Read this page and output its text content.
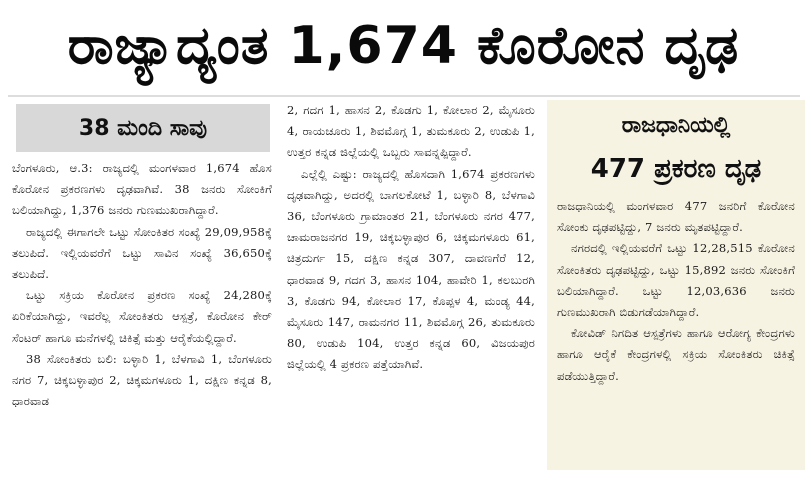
ರಾಜ್ಯಾದ್ಯಂತ 1,674 ಕೊರೋನ ದೃಢ
38 ಮಂದಿ ಸಾವು

ಬೆಂಗಳೂರು, ಆ.3: ರಾಜ್ಯದಲ್ಲಿ ಮಂಗಳವಾರ 1,674 ಹೊಸ ಕೊರೋನ ಪ್ರಕರಣಗಳು ದೃಢವಾಗಿವೆ. 38 ಜನರು ಸೋಂಕಿಗೆ ಬಲಿಯಾಗಿದ್ದು, 1,376 ಜನರು ಗುಣಮುಖರಾಗಿದ್ದಾರೆ.

ರಾಜ್ಯದಲ್ಲಿ ಈಗಾಗಲೇ ಒಟ್ಟು ಸೋಂಕಿತರ ಸಂಖ್ಯೆ 29,09,958ಕ್ಕೆ ತಲುಪಿದೆ. ಇಲ್ಲಿಯವರೆಗೆ ಒಟ್ಟು ಸಾವಿನ ಸಂಖ್ಯೆ 36,650ಕ್ಕೆ ತಲುಪಿದೆ.

ಒಟ್ಟು ಸಕ್ರಿಯ ಕೊರೋನ ಪ್ರಕರಣ ಸಂಖ್ಯೆ 24,280ಕ್ಕೆ ಏರಿಕೆಯಾಗಿದ್ದು, ಇವರೆಲ್ಲ ಸೋಂಕಿತರು ಆಸ್ಪತ್ರೆ, ಕೊರೋನ ಕೇರ್ ಸೆಂಟರ್ ಹಾಗೂ ಮನೆಗಳಲ್ಲಿ ಚಿಕಿತ್ಸೆ ಮತ್ತು ಆರೈಕೆಯಲ್ಲಿದ್ದಾರೆ.

38 ಸೋಂಕಿತರು ಬಲಿ: ಬಳ್ಳಾರಿ 1, ಬೆಳಗಾವಿ 1, ಬೆಂಗಳೂರು ನಗರ 7, ಚಿಕ್ಕಬಳ್ಳಾಪುರ 2, ಚಿಕ್ಕಮಗಳೂರು 1, ದಕ್ಷಿಣ ಕನ್ನಡ 8, ಧಾರವಾಡ

2, ಗದಗ 1, ಹಾಸನ 2, ಕೊಡಗು 1, ಕೋಲಾರ 2, ಮೈಸೂರು 4, ರಾಯಚೂರು 1, ಶಿವಮೊಗ್ಗ 1, ತುಮಕೂರು 2, ಉಡುಪಿ 1, ಉತ್ತರ ಕನ್ನಡ ಜಿಲ್ಲೆಯಲ್ಲಿ ಒಬ್ಬರು ಸಾವನ್ನಪ್ಪಿದ್ದಾರೆ.

ಎಲ್ಲೆಲ್ಲಿ ಎಷ್ಟು: ರಾಜ್ಯದಲ್ಲಿ ಹೊಸದಾಗಿ 1,674 ಪ್ರಕರಣಗಳು ದೃಢವಾಗಿದ್ದು, ಅದರಲ್ಲಿ ಬಾಗಲಕೋಟೆ 1, ಬಳ್ಳಾರಿ 8, ಬೆಳಗಾವಿ 36, ಬೆಂಗಳೂರು ಗ್ರಾಮಾಂತರ 21, ಬೆಂಗಳೂರು ನಗರ 477, ಚಾಮರಾಜನಗರ 19, ಚಿಕ್ಕಬಳ್ಳಾಪುರ 6, ಚಿಕ್ಕಮಗಳೂರು 61, ಚಿತ್ರದುರ್ಗ 15, ದಕ್ಷಿಣ ಕನ್ನಡ 307, ದಾವಣಗೆರೆ 12, ಧಾರವಾಡ 9, ಗದಗ 3, ಹಾಸನ 104, ಹಾವೇರಿ 1, ಕಲಬುರಗಿ 3, ಕೊಡಗು 94, ಕೋಲಾರ 17, ಕೊಪ್ಪಳ 4, ಮಂಡ್ಯ 44, ಮೈಸೂರು 147, ರಾಮನಗರ 11, ಶಿವಮೊಗ್ಗ 26, ತುಮಕೂರು 80, ಉಡುಪಿ 104, ಉತ್ತರ ಕನ್ನಡ 60, ವಿಜಯಪುರ ಜಿಲ್ಲೆಯಲ್ಲಿ 4 ಪ್ರಕರಣ ಪತ್ತೆಯಾಗಿವೆ.

ರಾಜಧಾನಿಯಲ್ಲಿ
477 ಪ್ರಕರಣ ದೃಢ

ರಾಜಧಾನಿಯಲ್ಲಿ ಮಂಗಳವಾರ 477 ಜನರಿಗೆ ಕೊರೋನ ಸೋಂಕು ದೃಢಪಟ್ಟಿದ್ದು, 7 ಜನರು ಮೃತಪಟ್ಟಿದ್ದಾರೆ.

ನಗರದಲ್ಲಿ ಇಲ್ಲಿಯವರೆಗೆ ಒಟ್ಟು 12,28,515 ಕೊರೋನ ಸೋಂಕಿತರು ದೃಢಪಟ್ಟಿದ್ದು, ಒಟ್ಟು 15,892 ಜನರು ಸೋಂಕಿಗೆ ಬಲಿಯಾಗಿದ್ದಾರೆ. ಒಟ್ಟು 12,03,636 ಜನರು ಗುಣಮುಖರಾಗಿ ಬಿಡುಗಡೆಯಾಗಿದ್ದಾರೆ.

ಕೋವಿಡ್ ನಿಗದಿತ ಆಸ್ಪತ್ರೆಗಳು ಹಾಗೂ ಆರೋಗ್ಯ ಕೇಂದ್ರಗಳು ಹಾಗೂ ಆರೈಕೆ ಕೇಂದ್ರಗಳಲ್ಲಿ ಸಕ್ರಿಯ ಸೋಂಕಿತರು ಚಿಕಿತ್ಸೆ ಪಡೆಯುತ್ತಿದ್ದಾರೆ.
